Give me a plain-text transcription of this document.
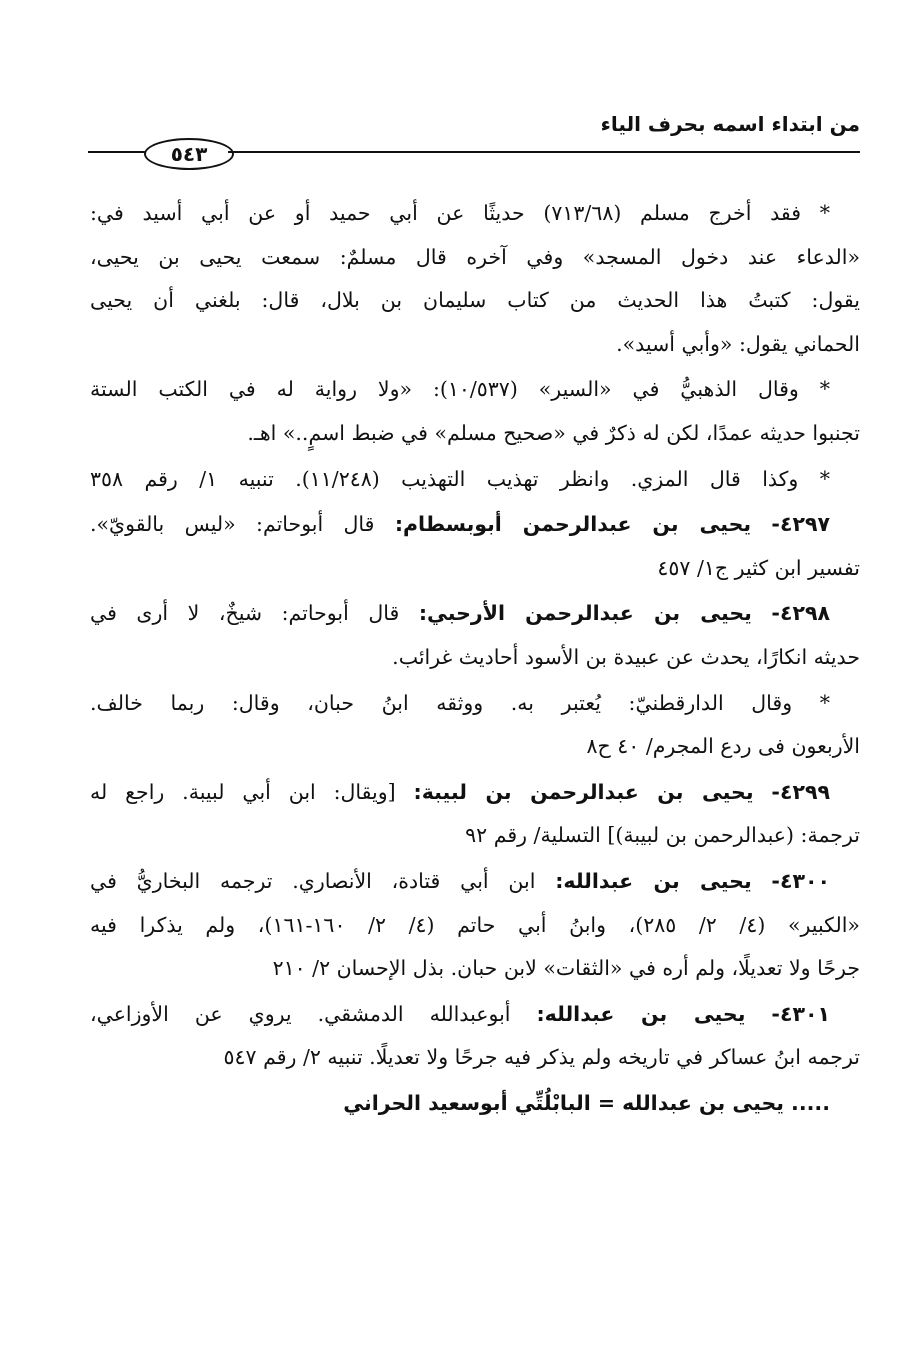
من ابتداء اسمه بحرف الياء
٥٤٣
* فقد أخرج مسلم (٧١٣/٦٨) حديثًا عن أبي حميد أو عن أبي أسيد في:
«الدعاء عند دخول المسجد» وفي آخره قال مسلمٌ: سمعت يحيى بن يحيى،
يقول: كتبتُ هذا الحديث من كتاب سليمان بن بلال، قال: بلغني أن يحيى
الحماني يقول: «وأبي أسيد».
* وقال الذهبيُّ في «السير» (١٠/٥٣٧): «ولا رواية له في الكتب الستة
تجنبوا حديثه عمدًا، لكن له ذكرٌ في «صحيح مسلم» في ضبط اسمٍ..» اهـ.
* وكذا قال المزي. وانظر تهذيب التهذيب (١١/٢٤٨). تنبيه ١/ رقم ٣٥٨
٤٢٩٧- يحيى بن عبدالرحمن أبوبسطام: قال أبوحاتم: «ليس بالقويّ».
تفسير ابن كثير ج١/ ٤٥٧
٤٢٩٨- يحيى بن عبدالرحمن الأرحبي: قال أبوحاتم: شيخٌ، لا أرى في
حديثه انكارًا، يحدث عن عبيدة بن الأسود أحاديث غرائب.
* وقال الدارقطنيّ: يُعتبر به. ووثقه ابنُ حبان، وقال: ربما خالف.
الأربعون فى ردع المجرم/ ٤٠ ح٨
٤٢٩٩- يحيى بن عبدالرحمن بن لبيبة: [ويقال: ابن أبي لبيبة. راجع له
ترجمة: (عبدالرحمن بن لبيبة)] التسلية/ رقم ٩٢
٤٣٠٠- يحيى بن عبدالله: ابن أبي قتادة، الأنصاري. ترجمه البخاريُّ في
«الكبير» (٤/ ٢/ ٢٨٥)، وابنُ أبي حاتم (٤/ ٢/ ١٦٠-١٦١)، ولم يذكرا فيه
جرحًا ولا تعديلًا، ولم أره في «الثقات» لابن حبان. بذل الإحسان ٢/ ٢١٠
٤٣٠١- يحيى بن عبدالله: أبوعبدالله الدمشقي. يروي عن الأوزاعي،
ترجمه ابنُ عساكر في تاريخه ولم يذكر فيه جرحًا ولا تعديلًا. تنبيه ٢/ رقم ٥٤٧
..... يحيى بن عبدالله = البابْلُتِّي أبوسعيد الحراني
